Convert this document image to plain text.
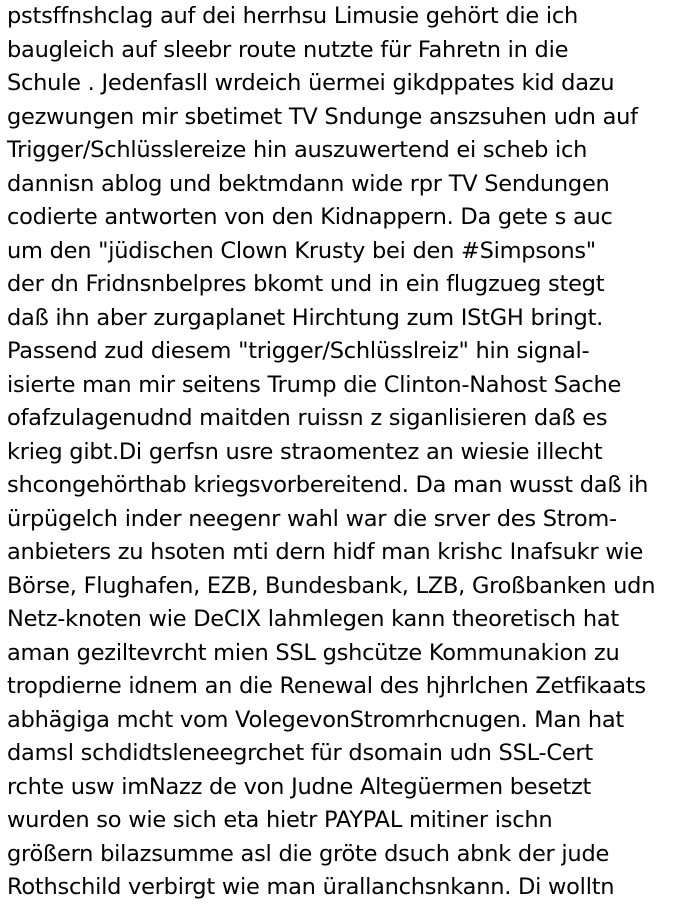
pstsffnshclag auf dei herrhsu Limusie gehört die ich
baugleich auf sleebr route nutzte für Fahretn in die
Schule . Jedenfasll wrdeich üermei gikdppates kid dazu
gezwungen mir sbetimet TV Sndunge anszsuhen udn auf
Trigger/Schlüsslereize hin auszuwertend ei scheb ich
dannisn ablog und bektmdann wide rpr TV Sendungen
codierte antworten von den Kidnappern. Da gete s auc
um den "jüdischen Clown Krusty bei den #Simpsons"
der dn Fridnsnbelpres bkomt und in ein flugzueg stegt
daß ihn aber zurgaplanet Hirchtung zum IStGH bringt.
Passend zud diesem "trigger/Schlüsslreiz" hin signal-
isierte man mir seitens Trump die Clinton-Nahost Sache
ofafzulagenudnd maitden ruissn z siganlisieren daß es
krieg gibt.Di gerfsn usre straomentez an wiesie illecht
shcongehörthab kriegsvorbereitend. Da man wusst daß ih
ürpügelch inder neegenr wahl war die srver des Strom-
anbieters zu hsoten mti dern hidf man krishc Inafsukr wie
Börse, Flughafen, EZB, Bundesbank, LZB, Großbanken udn
Netz-knoten wie DeCIX lahmlegen kann theoretisch hat
aman geziltevrcht mien SSL gshcütze Kommunakion zu
tropdierne idnem an die Renewal des hjhrlchen Zetfikaats
abhägiga mcht vom VolegevonStromrhcnugen. Man hat
damsl schdidtsleneegrchet für dsomain udn SSL-Cert
rchte usw imNazz de von Judne Altegüermen besetzt
wurden so wie sich eta hietr PAYPAL mitiner ischn
größern bilazsumme asl die gröte dsuch abnk der jude
Rothschild verbirgt wie man ürallanchsnkann. Di wolltn
